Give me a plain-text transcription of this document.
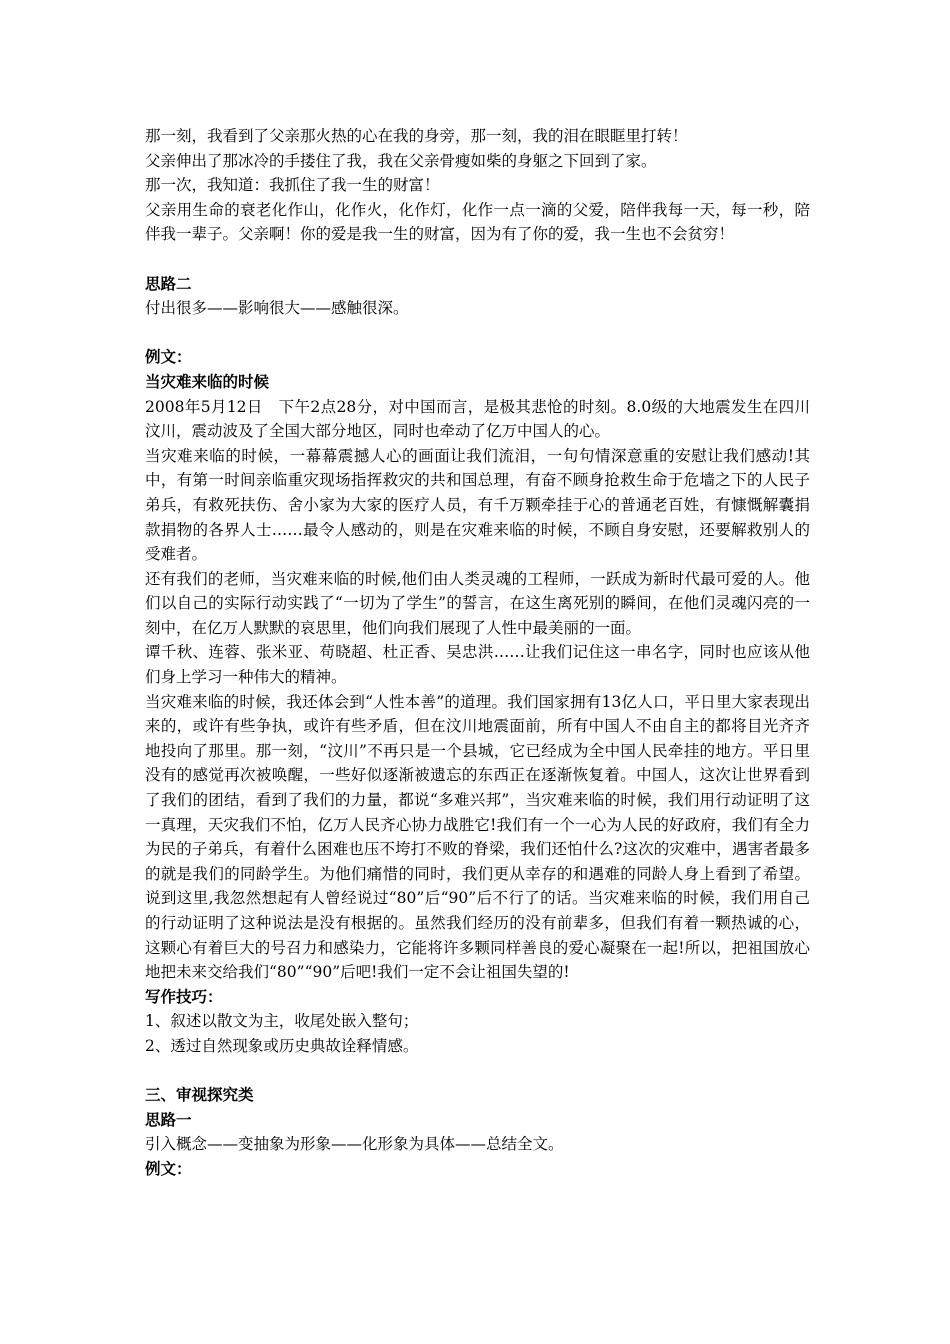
那一刻，我看到了父亲那火热的心在我的身旁，那一刻，我的泪在眼眶里打转！

父亲伸出了那冰冷的手搂住了我，我在父亲骨瘦如柴的身躯之下回到了家。

那一次，我知道：我抓住了我一生的财富！

父亲用生命的衰老化作山，化作火，化作灯，化作一点一滴的父爱，陪伴我每一天，每一秒，陪伴我一辈子。父亲啊！你的爱是我一生的财富，因为有了你的爱，我一生也不会贫穷！

思路二

付出很多——影响很大——感触很深。

例文：

当灾难来临的时候

2008年5月12日　下午2点28分，对中国而言，是极其悲怆的时刻。8.0级的大地震发生在四川汶川，震动波及了全国大部分地区，同时也牵动了亿万中国人的心。

当灾难来临的时候，一幕幕震撼人心的画面让我们流泪，一句句情深意重的安慰让我们感动!其中，有第一时间亲临重灾现场指挥救灾的共和国总理，有奋不顾身抢救生命于危墙之下的人民子弟兵，有救死扶伤、舍小家为大家的医疗人员，有千万颗牵挂于心的普通老百姓，有慷慨解囊捐款捐物的各界人士……最令人感动的，则是在灾难来临的时候，不顾自身安慰，还要解救别人的受难者。

还有我们的老师，当灾难来临的时候,他们由人类灵魂的工程师，一跃成为新时代最可爱的人。他们以自己的实际行动实践了“一切为了学生”的誓言，在这生离死别的瞬间，在他们灵魂闪亮的一刻中，在亿万人默默的哀思里，他们向我们展现了人性中最美丽的一面。

谭千秋、连蓉、张米亚、苟晓超、杜正香、吴忠洪……让我们记住这一串名字，同时也应该从他们身上学习一种伟大的精神。

当灾难来临的时候，我还体会到“人性本善”的道理。我们国家拥有13亿人口，平日里大家表现出来的，或许有些争执，或许有些矛盾，但在汶川地震面前，所有中国人不由自主的都将目光齐齐地投向了那里。那一刻，“汶川”不再只是一个县城，它已经成为全中国人民牵挂的地方。平日里没有的感觉再次被唤醒，一些好似逐渐被遗忘的东西正在逐渐恢复着。中国人，这次让世界看到了我们的团结，看到了我们的力量，都说“多难兴邦”，当灾难来临的时候，我们用行动证明了这一真理，天灾我们不怕，亿万人民齐心协力战胜它!我们有一个一心为人民的好政府，我们有全力为民的子弟兵，有着什么困难也压不垮打不败的脊梁，我们还怕什么?这次的灾难中，遇害者最多的就是我们的同龄学生。为他们痛惜的同时，我们更从幸存的和遇难的同龄人身上看到了希望。说到这里,我忽然想起有人曾经说过“80”后“90”后不行了的话。当灾难来临的时候，我们用自己的行动证明了这种说法是没有根据的。虽然我们经历的没有前辈多，但我们有着一颗热诚的心，这颗心有着巨大的号召力和感染力，它能将许多颗同样善良的爱心凝聚在一起!所以，把祖国放心地把未来交给我们“80”“90”后吧!我们一定不会让祖国失望的!

写作技巧：

1、叙述以散文为主，收尾处嵌入整句；

2、透过自然现象或历史典故诠释情感。

三、审视探究类

思路一

引入概念——变抽象为形象——化形象为具体——总结全文。

例文：
